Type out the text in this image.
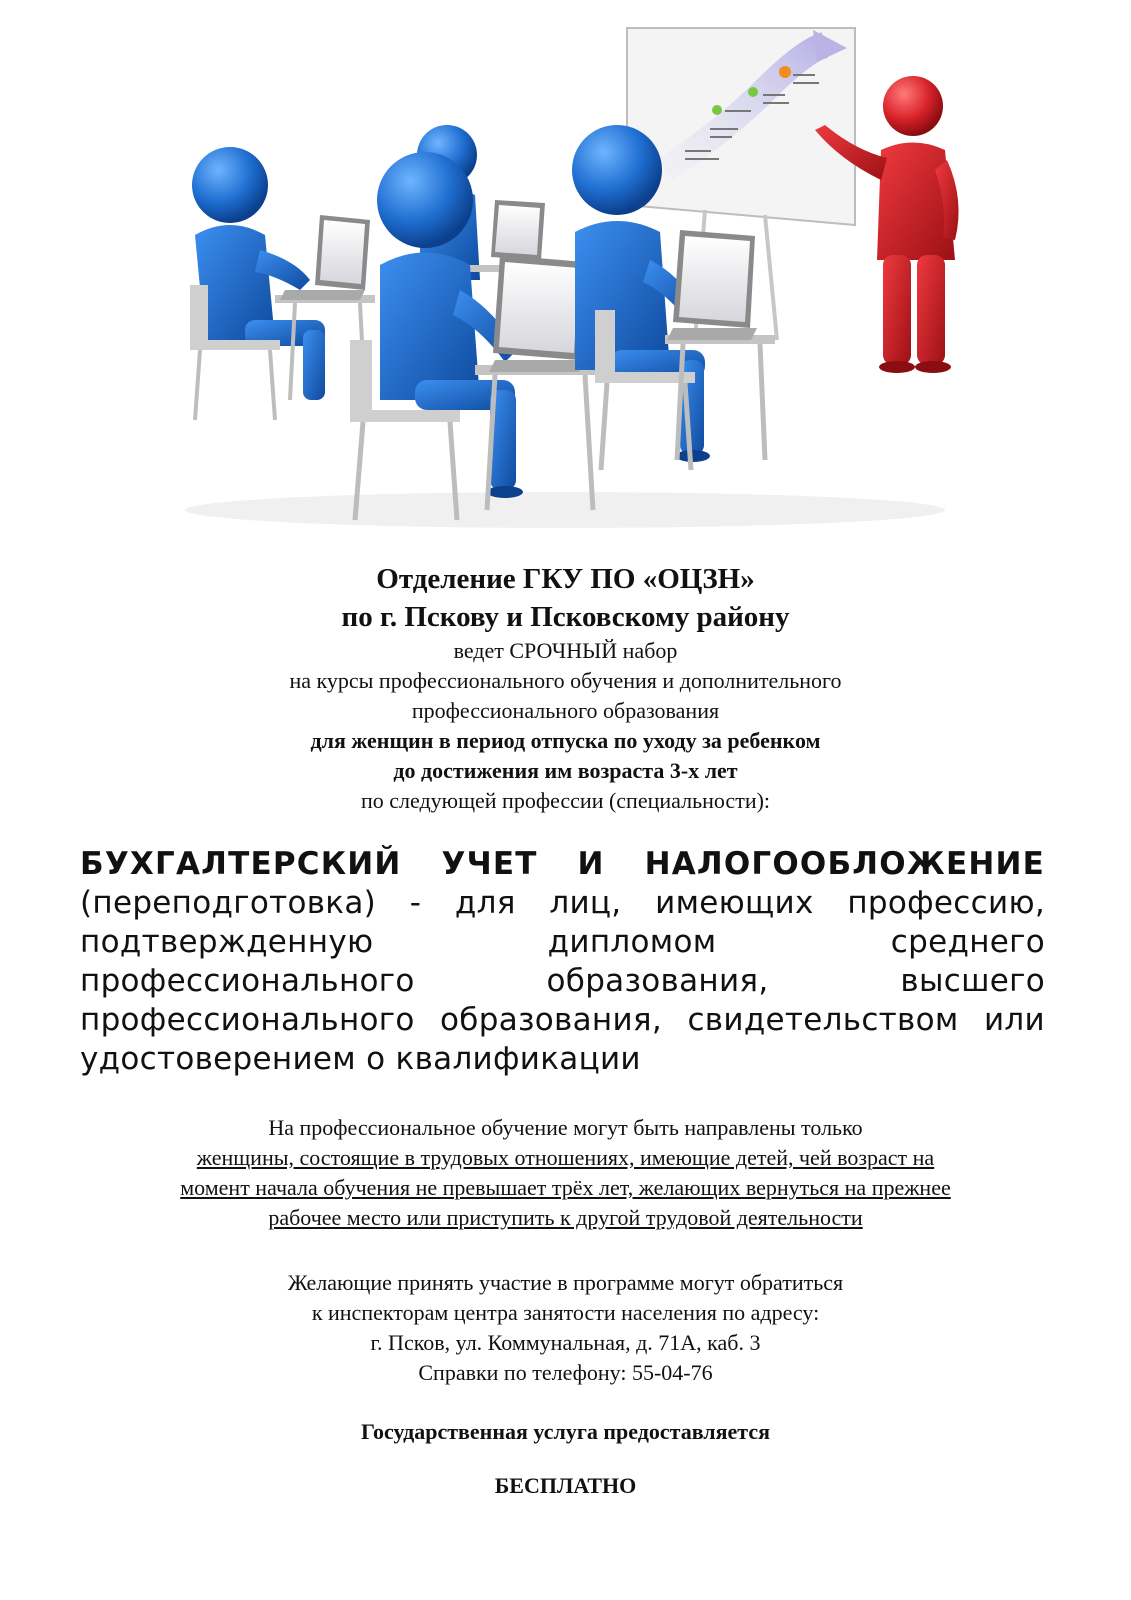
Отделение ГКУ ПО «ОЦЗН»
по г. Пскову и Псковскому району
ведет СРОЧНЫЙ набор
на курсы профессионального обучения и дополнительного
профессионального образования
для женщин в период отпуска по уходу за ребенком
до достижения им возраста 3-х лет
по следующей профессии (специальности):
БУХГАЛТЕРСКИЙ УЧЕТ И НАЛОГООБЛОЖЕНИЕ
(переподготовка) - для лиц, имеющих профессию, подтвержденную дипломом среднего профессионального образования, высшего профессионального образования, свидетельством или удостоверением о квалификации
На профессиональное обучение могут быть направлены только
женщины, состоящие в трудовых отношениях, имеющие детей, чей возраст на
момент начала обучения не превышает трёх лет, желающих вернуться на прежнее
рабочее место или приступить к другой трудовой деятельности
Желающие принять участие в программе могут обратиться
к инспекторам центра занятости населения по адресу:
г. Псков, ул. Коммунальная, д. 71А, каб. 3
Справки по телефону: 55-04-76
Государственная услуга предоставляется
БЕСПЛАТНО
